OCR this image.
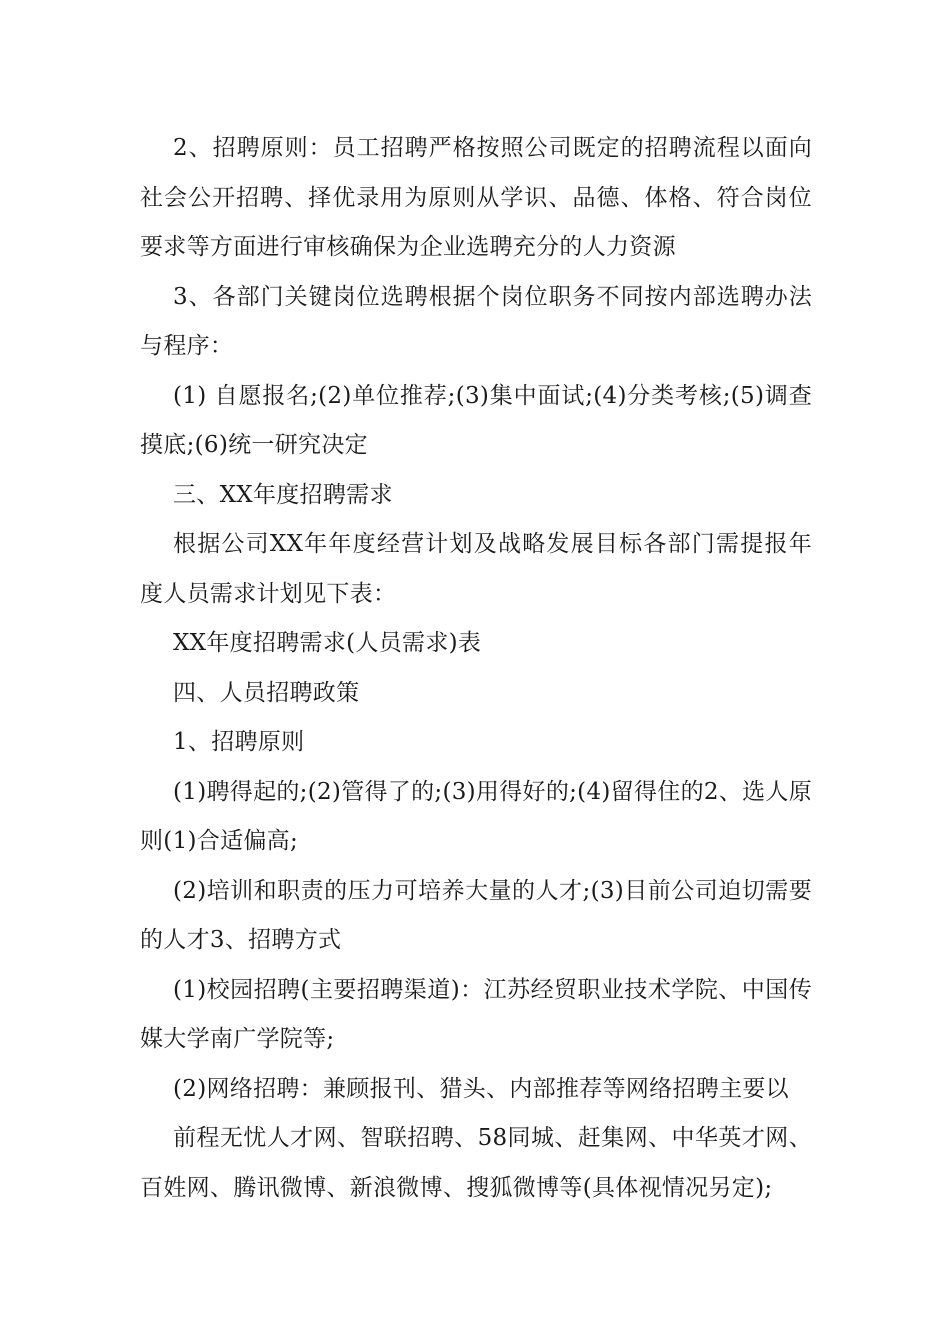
2、招聘原则：员工招聘严格按照公司既定的招聘流程以面向社会公开招聘、择优录用为原则从学识、品德、体格、符合岗位要求等方面进行审核确保为企业选聘充分的人力资源

3、各部门关键岗位选聘根据个岗位职务不同按内部选聘办法与程序：

(1) 自愿报名;(2)单位推荐;(3)集中面试;(4)分类考核;(5)调查摸底;(6)统一研究决定

三、XX年度招聘需求

根据公司XX年年度经营计划及战略发展目标各部门需提报年度人员需求计划见下表：

XX年度招聘需求(人员需求)表

四、人员招聘政策

1、招聘原则

(1)聘得起的;(2)管得了的;(3)用得好的;(4)留得住的2、选人原则(1)合适偏高;

(2)培训和职责的压力可培养大量的人才;(3)目前公司迫切需要的人才3、招聘方式

(1)校园招聘(主要招聘渠道)：江苏经贸职业技术学院、中国传媒大学南广学院等;

(2)网络招聘：兼顾报刊、猎头、内部推荐等网络招聘主要以

前程无忧人才网、智联招聘、58同城、赶集网、中华英才网、百姓网、腾讯微博、新浪微博、搜狐微博等(具体视情况另定);
